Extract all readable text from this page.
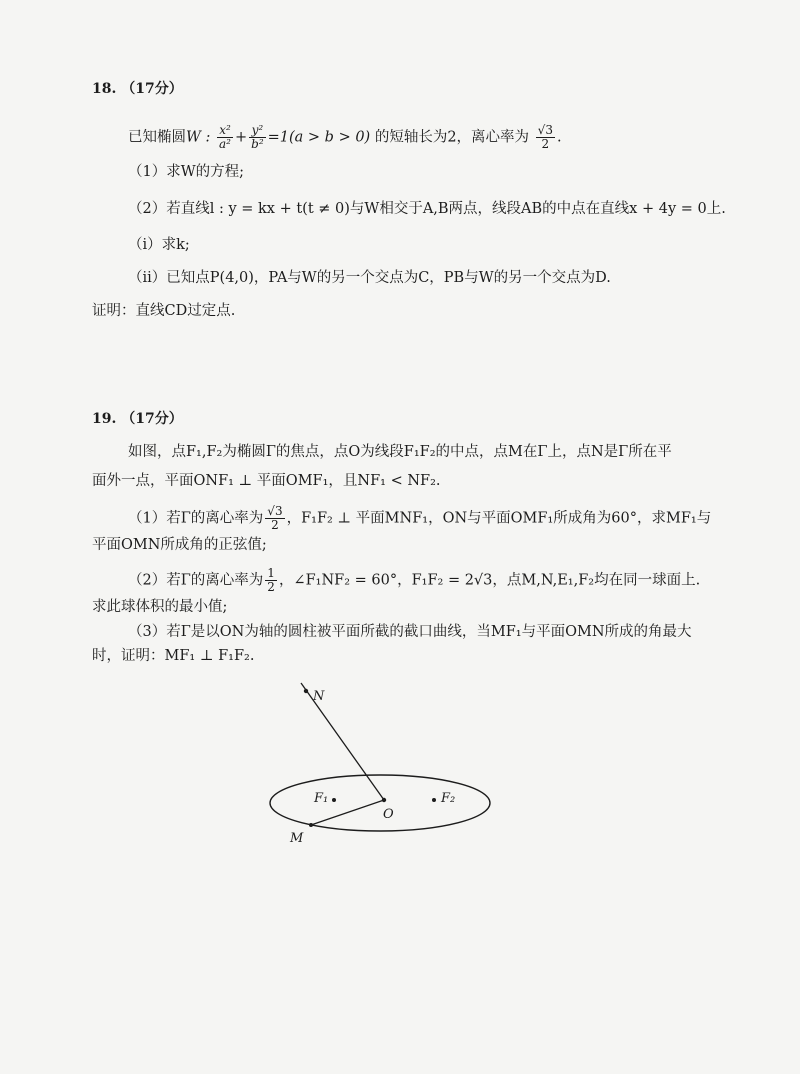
18. （17分）
已知椭圆W : $\frac{\text{x²}}{\text{a²}} + \frac{\text{y²}}{\text{b²}} =1(a > b > 0)$ 的短轴长为2，离心率为 $\frac{√3}{2}$ .
（1）求W的方程;
（2）若直线l : y = kx + t(t ≠ 0)与W相交于A,B两点，线段AB的中点在直线x + 4y = 0上.
（ⅰ）求k;
（ⅱ）已知点P(4,0)，PA与W的另一个交点为C，PB与W的另一个交点为D.
证明：直线CD过定点.
19. （17分）
如图，点F₁,F₂为椭圆Γ的焦点，点O为线段F₁F₂的中点，点M在Γ上，点N是Γ所在平
面外一点，平面ONF₁ ⊥ 平面OMF₁，且NF₁ < NF₂.
（1）若Γ的离心率为 $\frac{√3}{2}$ ，F₁F₂ ⊥ 平面MNF₁，ON与平面OMF₁所成角为60°，求MF₁与
平面OMN所成角的正弦值;
（2）若Γ的离心率为 $\frac{1}{2}$ ，∠F₁NF₂ = 60°，F₁F₂ = 2√3，点M,N,E₁,F₂均在同一球面上.
求此球体积的最小值;
（3）若Γ是以ON为轴的圆柱被平面所截的截口曲线，当MF₁与平面OMN所成的角最大
时，证明：MF₁ ⊥ F₁F₂.
N
F₁
O
F₂
M
